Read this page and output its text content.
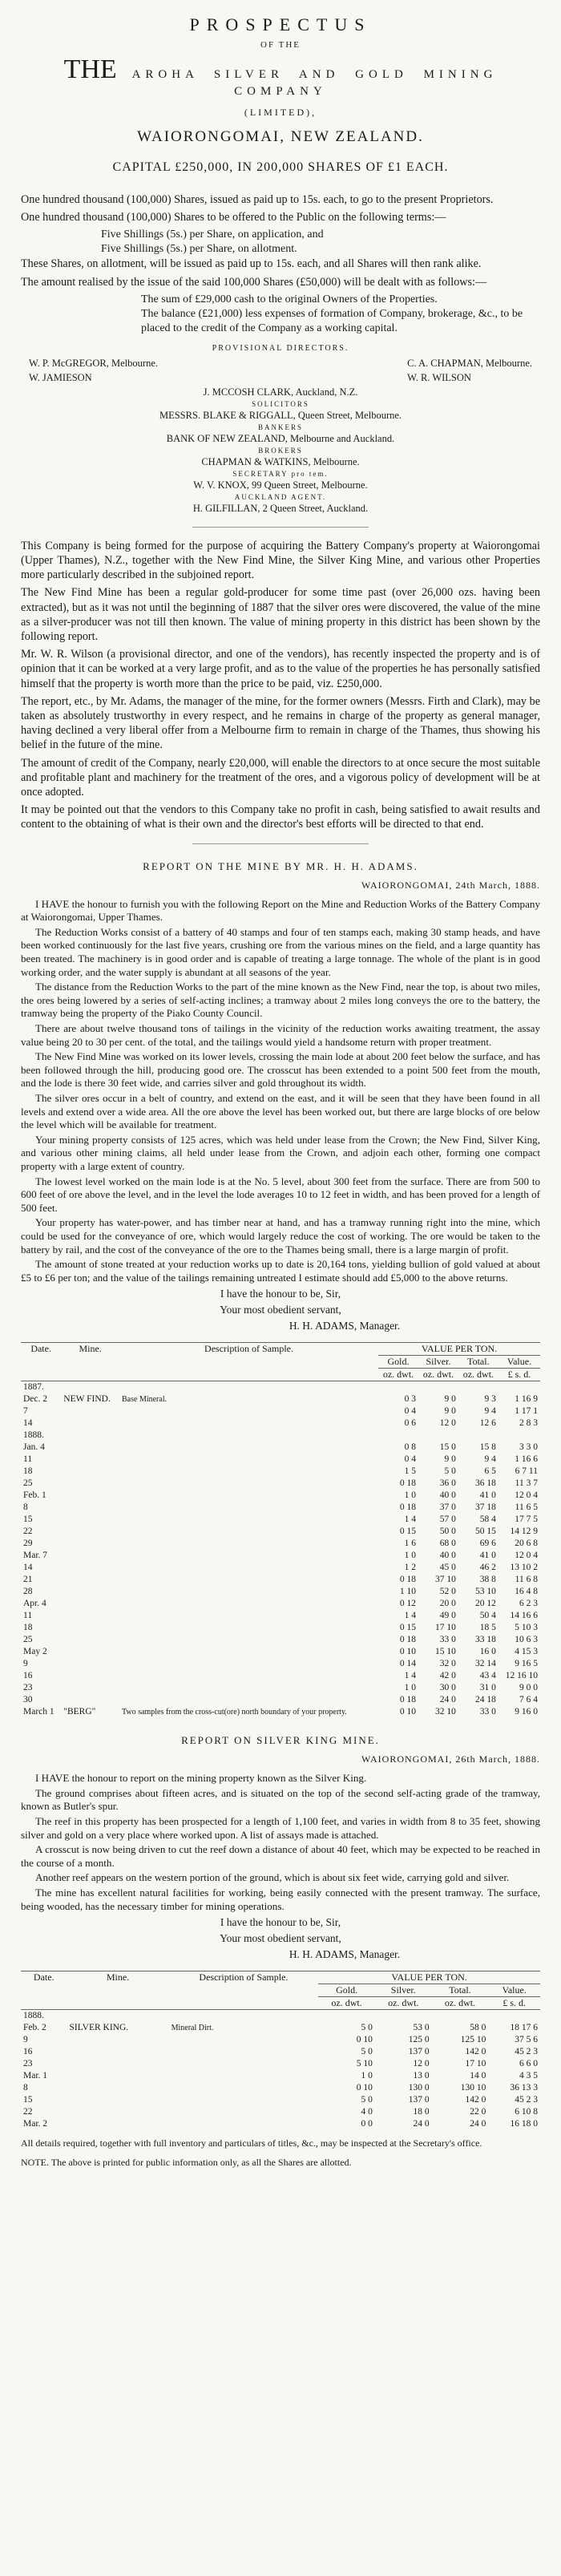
PROSPECTUS
OF THE
THE AROHA SILVER AND GOLD MINING COMPANY
(LIMITED),
WAIORONGOMAI, NEW ZEALAND.
CAPITAL £250,000, IN 200,000 SHARES OF £1 EACH.

One hundred thousand (100,000) Shares, issued as paid up to 15s. each, to go to the present Proprietors.

One hundred thousand (100,000) Shares to be offered to the Public on the following terms:—

Five Shillings (5s.) per Share, on application, and
Five Shillings (5s.) per Share, on allotment.

These Shares, on allotment, will be issued as paid up to 15s. each, and all Shares will then rank alike.

The amount realised by the issue of the said 100,000 Shares (£50,000) will be dealt with as follows:—

The sum of £29,000 cash to the original Owners of the Properties.
The balance (£21,000) less expenses of formation of Company, brokerage, &c., to be placed to the credit of the Company as a working capital.
PROVISIONAL DIRECTORS.
W. P. McGREGOR, Melbourne.
W. JAMIESON
C. A. CHAPMAN, Melbourne.
W. R. WILSON
J. MCCOSH CLARK, Auckland, N.Z.
SOLICITORS
MESSRS. BLAKE & RIGGALL, Queen Street, Melbourne.
BANKERS
BANK OF NEW ZEALAND, Melbourne and Auckland.
BROKERS
CHAPMAN & WATKINS, Melbourne.
SECRETARY pro tem.
W. V. KNOX, 99 Queen Street, Melbourne.
AUCKLAND AGENT.
H. GILFILLAN, 2 Queen Street, Auckland.

This Company is being formed for the purpose of acquiring the Battery Company's property at Waiorongomai (Upper Thames), N.Z., together with the New Find Mine, the Silver King Mine, and various other Properties more particularly described in the subjoined report.

The New Find Mine has been a regular gold-producer for some time past (over 26,000 ozs. having been extracted), but as it was not until the beginning of 1887 that the silver ores were discovered, the value of the mine as a silver-producer was not till then known. The value of mining property in this district has been shown by the following report.

Mr. W. R. Wilson (a provisional director, and one of the vendors), has recently inspected the property and is of opinion that it can be worked at a very large profit, and as to the value of the properties he has personally satisfied himself that the property is worth more than the price to be paid, viz. £250,000.

The report, etc., by Mr. Adams, the manager of the mine, for the former owners (Messrs. Firth and Clark), may be taken as absolutely trustworthy in every respect, and he remains in charge of the property as general manager, having declined a very liberal offer from a Melbourne firm to remain in charge of the Thames, thus showing his belief in the future of the mine.

The amount of credit of the Company, nearly £20,000, will enable the directors to at once secure the most suitable and profitable plant and machinery for the treatment of the ores, and a vigorous policy of development will be at once adopted.

It may be pointed out that the vendors to this Company take no profit in cash, being satisfied to await results and content to the obtaining of what is their own and the director's best efforts will be directed to that end.

REPORT ON THE MINE BY MR. H. H. ADAMS.
WAIORONGOMAI, 24th March, 1888.

I HAVE the honour to furnish you with the following Report on the Mine and Reduction Works of the Battery Company at Waiorongomai, Upper Thames.

The Reduction Works consist of a battery of 40 stamps and four of ten stamps each, making 30 stamp heads, and have been worked continuously for the last five years, crushing ore from the various mines on the field, and a large quantity has been treated. The machinery is in good order and is capable of treating a large tonnage. The whole of the plant is in good working order, and the water supply is abundant at all seasons of the year.

The distance from the Reduction Works to the part of the mine known as the New Find, near the top, is about two miles, the ores being lowered by a series of self-acting inclines; a tramway about 2 miles long conveys the ore to the battery, the tramway being the property of the Piako County Council.

There are about twelve thousand tons of tailings in the vicinity of the reduction works awaiting treatment, the assay value being 20 to 30 per cent. of the total, and the tailings would yield a handsome return with proper treatment.

The New Find Mine was worked on its lower levels, crossing the main lode at about 200 feet below the surface, and has been followed through the hill, producing good ore. The crosscut has been extended to a point 500 feet from the mouth, and the lode is there 30 feet wide, and carries silver and gold throughout its width.

The silver ores occur in a belt of country, and extend on the east, and it will be seen that they have been found in all levels and extend over a wide area. All the ore above the level has been worked out, but there are large blocks of ore below the level which will be available for treatment.

Your mining property consists of 125 acres, which was held under lease from the Crown; the New Find, Silver King, and various other mining claims, all held under lease from the Crown, and adjoin each other, forming one compact property with a large extent of country.

The lowest level worked on the main lode is at the No. 5 level, about 300 feet from the surface. There are from 500 to 600 feet of ore above the level, and in the level the lode averages 10 to 12 feet in width, and has been proved for a length of 500 feet.

Your property has water-power, and has timber near at hand, and has a tramway running right into the mine, which could be used for the conveyance of ore, which would largely reduce the cost of working. The ore would be taken to the battery by rail, and the cost of the conveyance of the ore to the Thames being small, there is a large margin of profit.

The amount of stone treated at your reduction works up to date is 20,164 tons, yielding bullion of gold valued at about £5 to £6 per ton; and the value of the tailings remaining untreated I estimate should add £5,000 to the above returns.

I have the honour to be, Sir,
Your most obedient servant,
H. H. ADAMS, Manager.
Date.	Mine.	Description of Sample.	VALUE PER TON.			
			Gold.	Silver.	Total.	Value.
			oz. dwt.	oz. dwt.	oz. dwt.	£ s. d.
1887.						
Dec. 2	NEW FIND.	Base Mineral.	0 3	9 0	9 3	1 16 9
7			0 4	9 0	9 4	1 17 1
14			0 6	12 0	12 6	2 8 3
1888.						
Jan. 4			0 8	15 0	15 8	3 3 0
11			0 4	9 0	9 4	1 16 6
18			1 5	5 0	6 5	6 7 11
25			0 18	36 0	36 18	11 3 7
Feb. 1			1 0	40 0	41 0	12 0 4
8			0 18	37 0	37 18	11 6 5
15			1 4	57 0	58 4	17 7 5
22			0 15	50 0	50 15	14 12 9
29			1 6	68 0	69 6	20 6 8
Mar. 7			1 0	40 0	41 0	12 0 4
14			1 2	45 0	46 2	13 10 2
21			0 18	37 10	38 8	11 6 8
28			1 10	52 0	53 10	16 4 8
Apr. 4			0 12	20 0	20 12	6 2 3
11			1 4	49 0	50 4	14 16 6
18			0 15	17 10	18 5	5 10 3
25			0 18	33 0	33 18	10 6 3
May 2			0 10	15 10	16 0	4 15 3
9			0 14	32 0	32 14	9 16 5
16			1 4	42 0	43 4	12 16 10
23			1 0	30 0	31 0	9 0 0
30			0 18	24 0	24 18	7 6 4
March 1	"BERG"	Two samples from the cross-cut(ore) north boundary of your property.	0 10	32 10	33 0	9 16 0
REPORT ON SILVER KING MINE.
WAIORONGOMAI, 26th March, 1888.

I HAVE the honour to report on the mining property known as the Silver King.

The ground comprises about fifteen acres, and is situated on the top of the second self-acting grade of the tramway, known as Butler's spur.

The reef in this property has been prospected for a length of 1,100 feet, and varies in width from 8 to 35 feet, showing silver and gold on a very place where worked upon. A list of assays made is attached.

A crosscut is now being driven to cut the reef down a distance of about 40 feet, which may be expected to be reached in the course of a month.

Another reef appears on the western portion of the ground, which is about six feet wide, carrying gold and silver.

The mine has excellent natural facilities for working, being easily connected with the present tramway. The surface, being wooded, has the necessary timber for mining operations.

I have the honour to be, Sir,
Your most obedient servant,
H. H. ADAMS, Manager.
Date.	Mine.	Description of Sample.	VALUE PER TON.			
			Gold.	Silver.	Total.	Value.
			oz. dwt.	oz. dwt.	oz. dwt.	£ s. d.
1888.						
Feb. 2	SILVER KING.	Mineral Dirt.	5 0	53 0	58 0	18 17 6
9			0 10	125 0	125 10	37 5 6
16			5 0	137 0	142 0	45 2 3
23			5 10	12 0	17 10	6 6 0
Mar. 1			1 0	13 0	14 0	4 3 5
8			0 10	130 0	130 10	36 13 3
15			5 0	137 0	142 0	45 2 3
22			4 0	18 0	22 0	6 10 8
Mar. 2			0 0	24 0	24 0	16 18 0

All details required, together with full inventory and particulars of titles, &c., may be inspected at the Secretary's office.

NOTE. The above is printed for public information only, as all the Shares are allotted.
